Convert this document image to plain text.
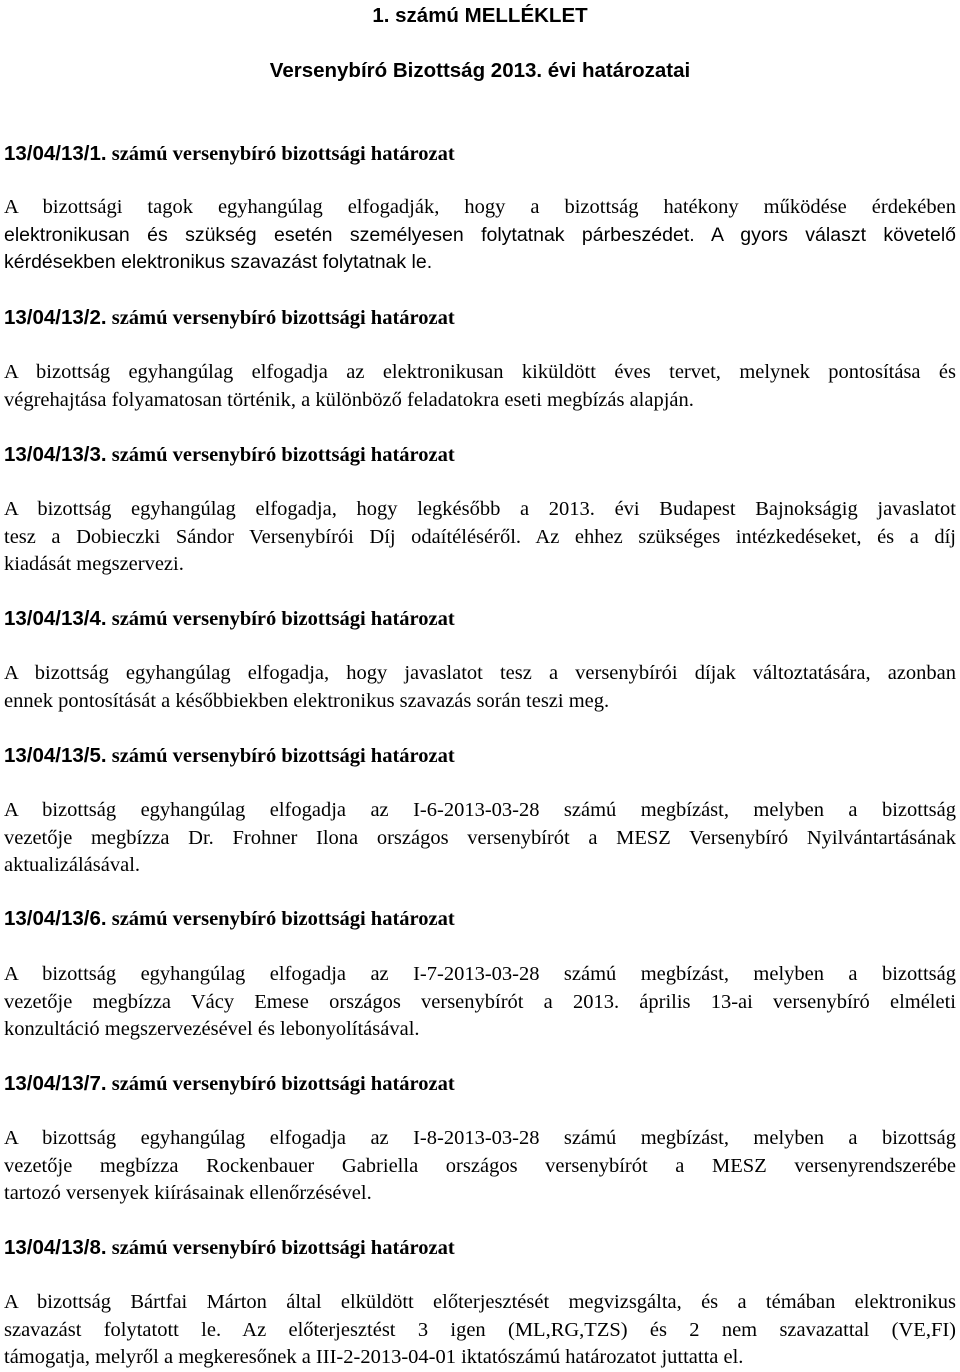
1. számú MELLÉKLET
Versenybíró Bizottság 2013. évi határozatai
13/04/13/1. számú versenybíró bizottsági határozat
A bizottsági tagok egyhangúlag elfogadják, hogy a bizottság hatékony működése érdekében
elektronikusan és szükség esetén személyesen folytatnak párbeszédet. A gyors választ követelő
kérdésekben elektronikus szavazást folytatnak le.
13/04/13/2. számú versenybíró bizottsági határozat
A bizottság egyhangúlag elfogadja az elektronikusan kiküldött éves tervet, melynek pontosítása és
végrehajtása folyamatosan történik, a különböző feladatokra eseti megbízás alapján.
13/04/13/3. számú versenybíró bizottsági határozat
A bizottság egyhangúlag elfogadja, hogy legkésőbb a 2013. évi Budapest Bajnokságig javaslatot
tesz a Dobieczki Sándor Versenybírói Díj odaítéléséről. Az ehhez szükséges intézkedéseket, és a díj
kiadását megszervezi.
13/04/13/4. számú versenybíró bizottsági határozat
A bizottság egyhangúlag elfogadja, hogy javaslatot tesz a versenybírói díjak változtatására, azonban
ennek pontosítását a későbbiekben elektronikus szavazás során teszi meg.
13/04/13/5. számú versenybíró bizottsági határozat
A bizottság egyhangúlag elfogadja az I-6-2013-03-28 számú megbízást, melyben a bizottság
vezetője megbízza Dr. Frohner Ilona országos versenybírót a MESZ Versenybíró Nyilvántartásának
aktualizálásával.
13/04/13/6. számú versenybíró bizottsági határozat
A bizottság egyhangúlag elfogadja az I-7-2013-03-28 számú megbízást, melyben a bizottság
vezetője megbízza Vácy Emese országos versenybírót a 2013. április 13-ai versenybíró elméleti
konzultáció megszervezésével és lebonyolításával.
13/04/13/7. számú versenybíró bizottsági határozat
A bizottság egyhangúlag elfogadja az I-8-2013-03-28 számú megbízást, melyben a bizottság
vezetője megbízza Rockenbauer Gabriella országos versenybírót a MESZ versenyrendszerébe
tartozó versenyek kiírásainak ellenőrzésével.
13/04/13/8. számú versenybíró bizottsági határozat
A bizottság Bártfai Márton által elküldött előterjesztését megvizsgálta, és a témában elektronikus
szavazást folytatott le. Az előterjesztést 3 igen (ML,RG,TZS) és 2 nem szavazattal (VE,FI)
támogatja, melyről a megkeresőnek a III-2-2013-04-01 iktatószámú határozatot juttatta el.
